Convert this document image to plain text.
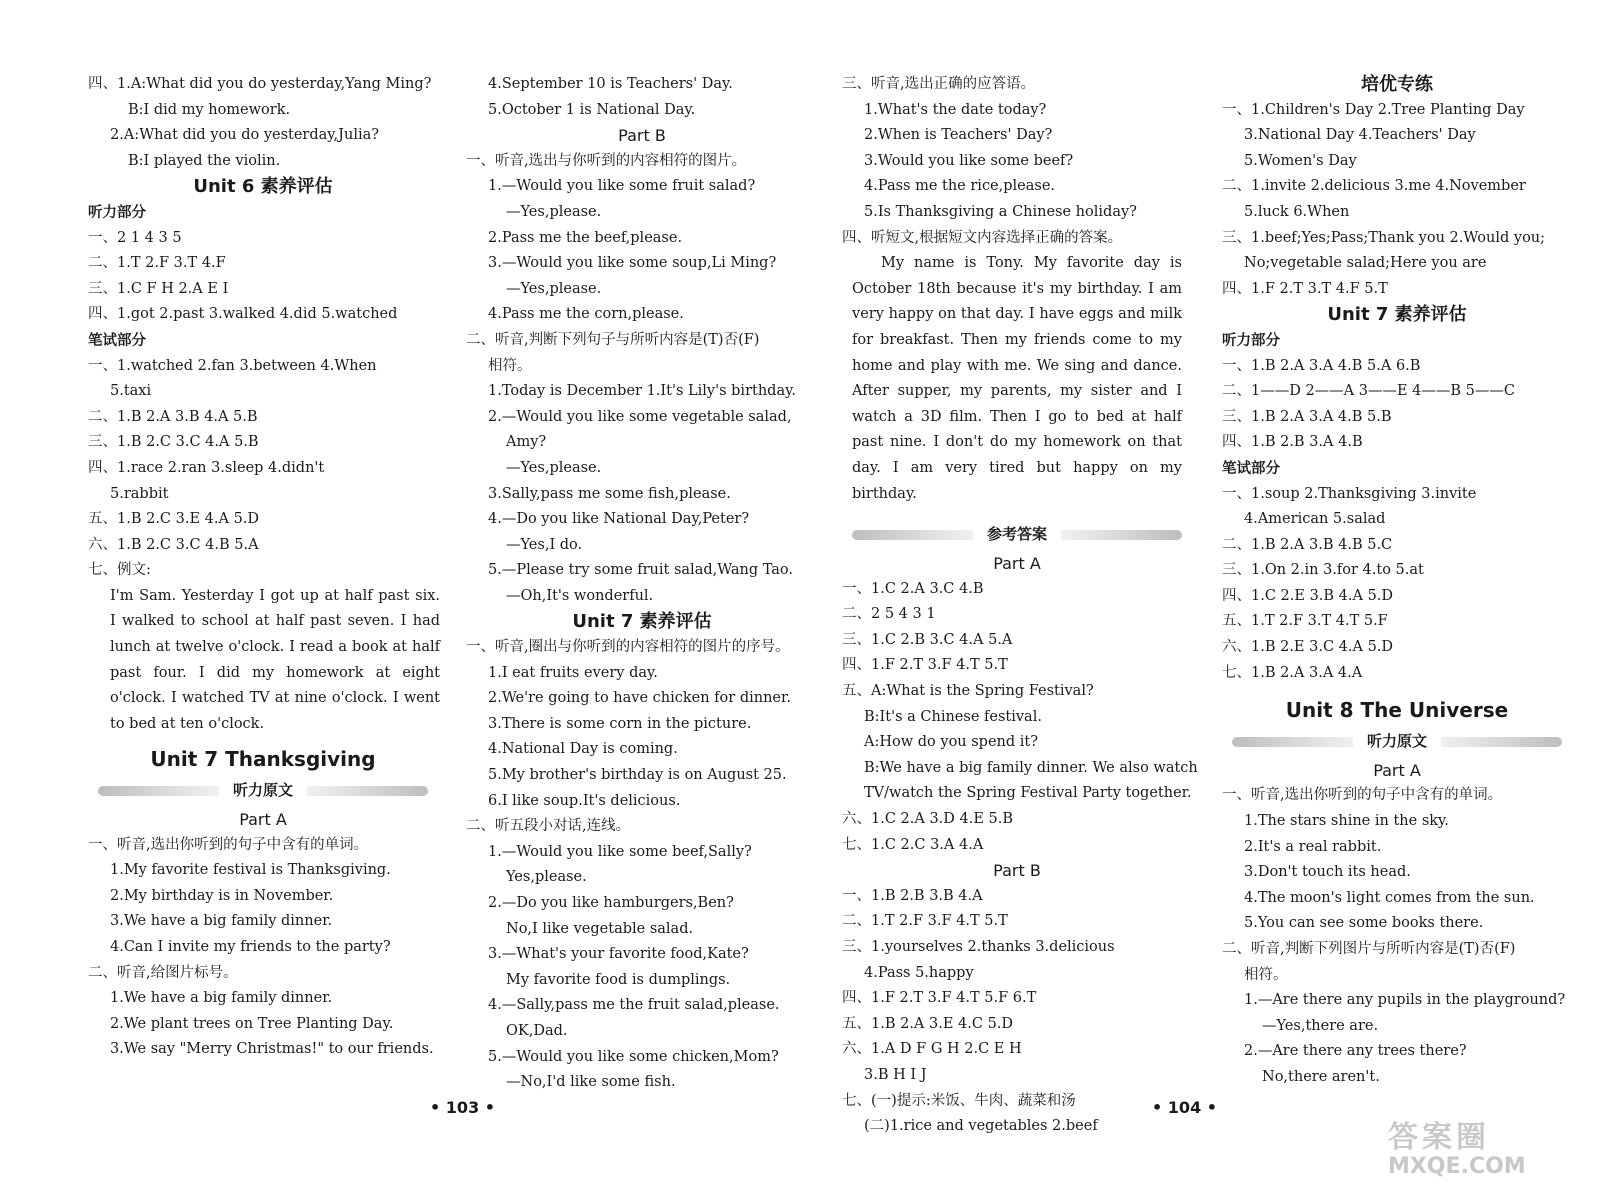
四、1.A:What did you do yesterday,Yang Ming?
B:I did my homework.
2.A:What did you do yesterday,Julia?
B:I played the violin.
Unit 6 素养评估
听力部分
一、2 1 4 3 5
二、1.T 2.F 3.T 4.F
三、1.C F H 2.A E I
四、1.got 2.past 3.walked 4.did 5.watched
笔试部分
一、1.watched 2.fan 3.between 4.When
5.taxi
二、1.B 2.A 3.B 4.A 5.B
三、1.B 2.C 3.C 4.A 5.B
四、1.race 2.ran 3.sleep 4.didn't
5.rabbit
五、1.B 2.C 3.E 4.A 5.D
六、1.B 2.C 3.C 4.B 5.A
七、例文:
I'm Sam. Yesterday I got up at half past six. I walked to school at half past seven. I had lunch at twelve o'clock. I read a book at half past four. I did my homework at eight o'clock. I watched TV at nine o'clock. I went to bed at ten o'clock.
Unit 7 Thanksgiving
听力原文
Part A
一、听音,选出你听到的句子中含有的单词。
1.My favorite festival is Thanksgiving.
2.My birthday is in November.
3.We have a big family dinner.
4.Can I invite my friends to the party?
二、听音,给图片标号。
1.We have a big family dinner.
2.We plant trees on Tree Planting Day.
3.We say "Merry Christmas!" to our friends.
4.September 10 is Teachers' Day.
5.October 1 is National Day.
Part B
一、听音,选出与你听到的内容相符的图片。
1.—Would you like some fruit salad?
—Yes,please.
2.Pass me the beef,please.
3.—Would you like some soup,Li Ming?
—Yes,please.
4.Pass me the corn,please.
二、听音,判断下列句子与所听内容是(T)否(F)
相符。
1.Today is December 1.It's Lily's birthday.
2.—Would you like some vegetable salad,
Amy?
—Yes,please.
3.Sally,pass me some fish,please.
4.—Do you like National Day,Peter?
—Yes,I do.
5.—Please try some fruit salad,Wang Tao.
—Oh,It's wonderful.
Unit 7 素养评估
一、听音,圈出与你听到的内容相符的图片的序号。
1.I eat fruits every day.
2.We're going to have chicken for dinner.
3.There is some corn in the picture.
4.National Day is coming.
5.My brother's birthday is on August 25.
6.I like soup.It's delicious.
二、听五段小对话,连线。
1.—Would you like some beef,Sally?
Yes,please.
2.—Do you like hamburgers,Ben?
No,I like vegetable salad.
3.—What's your favorite food,Kate?
My favorite food is dumplings.
4.—Sally,pass me the fruit salad,please.
OK,Dad.
5.—Would you like some chicken,Mom?
—No,I'd like some fish.
三、听音,选出正确的应答语。
1.What's the date today?
2.When is Teachers' Day?
3.Would you like some beef?
4.Pass me the rice,please.
5.Is Thanksgiving a Chinese holiday?
四、听短文,根据短文内容选择正确的答案。
My name is Tony. My favorite day is October 18th because it's my birthday. I am very happy on that day. I have eggs and milk for breakfast. Then my friends come to my home and play with me. We sing and dance. After supper, my parents, my sister and I watch a 3D film. Then I go to bed at half past nine. I don't do my homework on that day. I am very tired but happy on my birthday.
参考答案
Part A
一、1.C 2.A 3.C 4.B
二、2 5 4 3 1
三、1.C 2.B 3.C 4.A 5.A
四、1.F 2.T 3.F 4.T 5.T
五、A:What is the Spring Festival?
B:It's a Chinese festival.
A:How do you spend it?
B:We have a big family dinner. We also watch
TV/watch the Spring Festival Party together.
六、1.C 2.A 3.D 4.E 5.B
七、1.C 2.C 3.A 4.A
Part B
一、1.B 2.B 3.B 4.A
二、1.T 2.F 3.F 4.T 5.T
三、1.yourselves 2.thanks 3.delicious
4.Pass 5.happy
四、1.F 2.T 3.F 4.T 5.F 6.T
五、1.B 2.A 3.E 4.C 5.D
六、1.A D F G H 2.C E H
3.B H I J
七、(一)提示:米饭、牛肉、蔬菜和汤
(二)1.rice and vegetables 2.beef
培优专练
一、1.Children's Day 2.Tree Planting Day
3.National Day 4.Teachers' Day
5.Women's Day
二、1.invite 2.delicious 3.me 4.November
5.luck 6.When
三、1.beef;Yes;Pass;Thank you 2.Would you;
No;vegetable salad;Here you are
四、1.F 2.T 3.T 4.F 5.T
Unit 7 素养评估
听力部分
一、1.B 2.A 3.A 4.B 5.A 6.B
二、1——D 2——A 3——E 4——B 5——C
三、1.B 2.A 3.A 4.B 5.B
四、1.B 2.B 3.A 4.B
笔试部分
一、1.soup 2.Thanksgiving 3.invite
4.American 5.salad
二、1.B 2.A 3.B 4.B 5.C
三、1.On 2.in 3.for 4.to 5.at
四、1.C 2.E 3.B 4.A 5.D
五、1.T 2.F 3.T 4.T 5.F
六、1.B 2.E 3.C 4.A 5.D
七、1.B 2.A 3.A 4.A
Unit 8 The Universe
听力原文
Part A
一、听音,选出你听到的句子中含有的单词。
1.The stars shine in the sky.
2.It's a real rabbit.
3.Don't touch its head.
4.The moon's light comes from the sun.
5.You can see some books there.
二、听音,判断下列图片与所听内容是(T)否(F)
相符。
1.—Are there any pupils in the playground?
—Yes,there are.
2.—Are there any trees there?
No,there aren't.
• 103 •	• 104 •
答案圈
MXQE.COM
